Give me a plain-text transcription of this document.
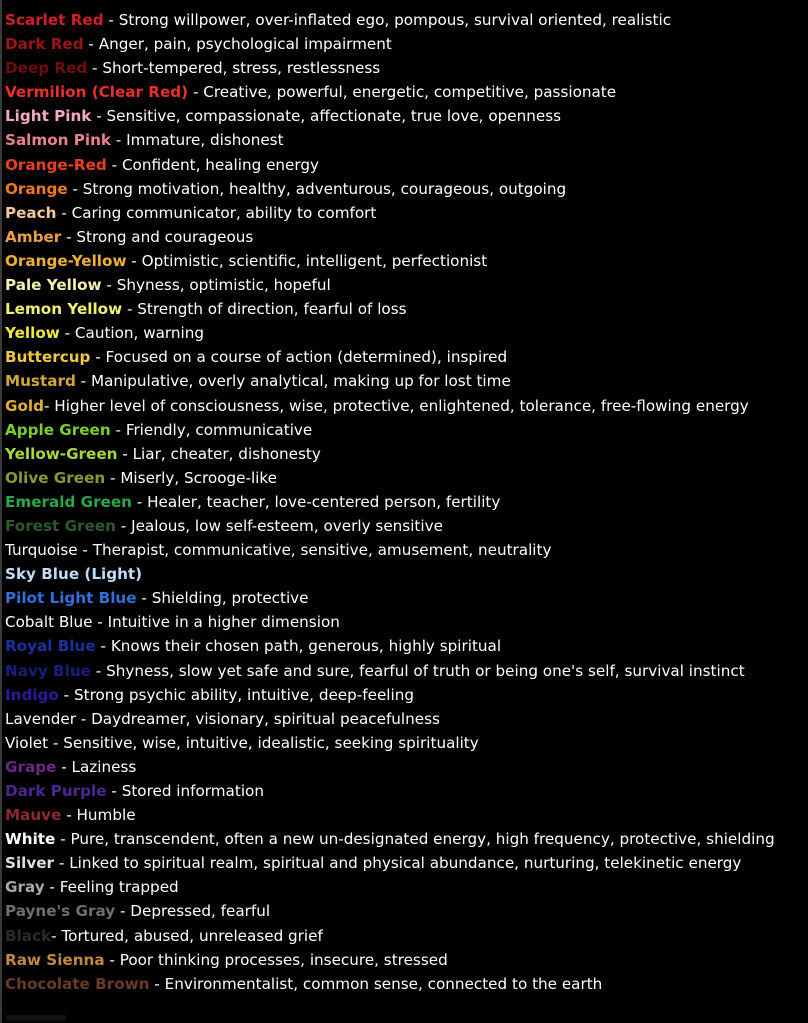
Scarlet Red - Strong willpower, over-inflated ego, pompous, survival oriented, realistic
Dark Red - Anger, pain, psychological impairment
Deep Red - Short-tempered, stress, restlessness
Vermilion (Clear Red) - Creative, powerful, energetic, competitive, passionate
Light Pink - Sensitive, compassionate, affectionate, true love, openness
Salmon Pink - Immature, dishonest
Orange-Red - Confident, healing energy
Orange - Strong motivation, healthy, adventurous, courageous, outgoing
Peach - Caring communicator, ability to comfort
Amber - Strong and courageous
Orange-Yellow - Optimistic, scientific, intelligent, perfectionist
Pale Yellow - Shyness, optimistic, hopeful
Lemon Yellow - Strength of direction, fearful of loss
Yellow - Caution, warning
Buttercup - Focused on a course of action (determined), inspired
Mustard - Manipulative, overly analytical, making up for lost time
Gold- Higher level of consciousness, wise, protective, enlightened, tolerance, free-flowing energy
Apple Green - Friendly, communicative
Yellow-Green - Liar, cheater, dishonesty
Olive Green - Miserly, Scrooge-like
Emerald Green - Healer, teacher, love-centered person, fertility
Forest Green - Jealous, low self-esteem, overly sensitive
Turquoise - Therapist, communicative, sensitive, amusement, neutrality
Sky Blue (Light)
Pilot Light Blue - Shielding, protective
Cobalt Blue - Intuitive in a higher dimension
Royal Blue - Knows their chosen path, generous, highly spiritual
Navy Blue - Shyness, slow yet safe and sure, fearful of truth or being one's self, survival instinct
Indigo - Strong psychic ability, intuitive, deep-feeling
Lavender - Daydreamer, visionary, spiritual peacefulness
Violet - Sensitive, wise, intuitive, idealistic, seeking spirituality
Grape - Laziness
Dark Purple - Stored information
Mauve - Humble
White - Pure, transcendent, often a new un-designated energy, high frequency, protective, shielding
Silver - Linked to spiritual realm, spiritual and physical abundance, nurturing, telekinetic energy
Gray - Feeling trapped
Payne's Gray - Depressed, fearful
Black- Tortured, abused, unreleased grief
Raw Sienna - Poor thinking processes, insecure, stressed
Chocolate Brown - Environmentalist, common sense, connected to the earth
